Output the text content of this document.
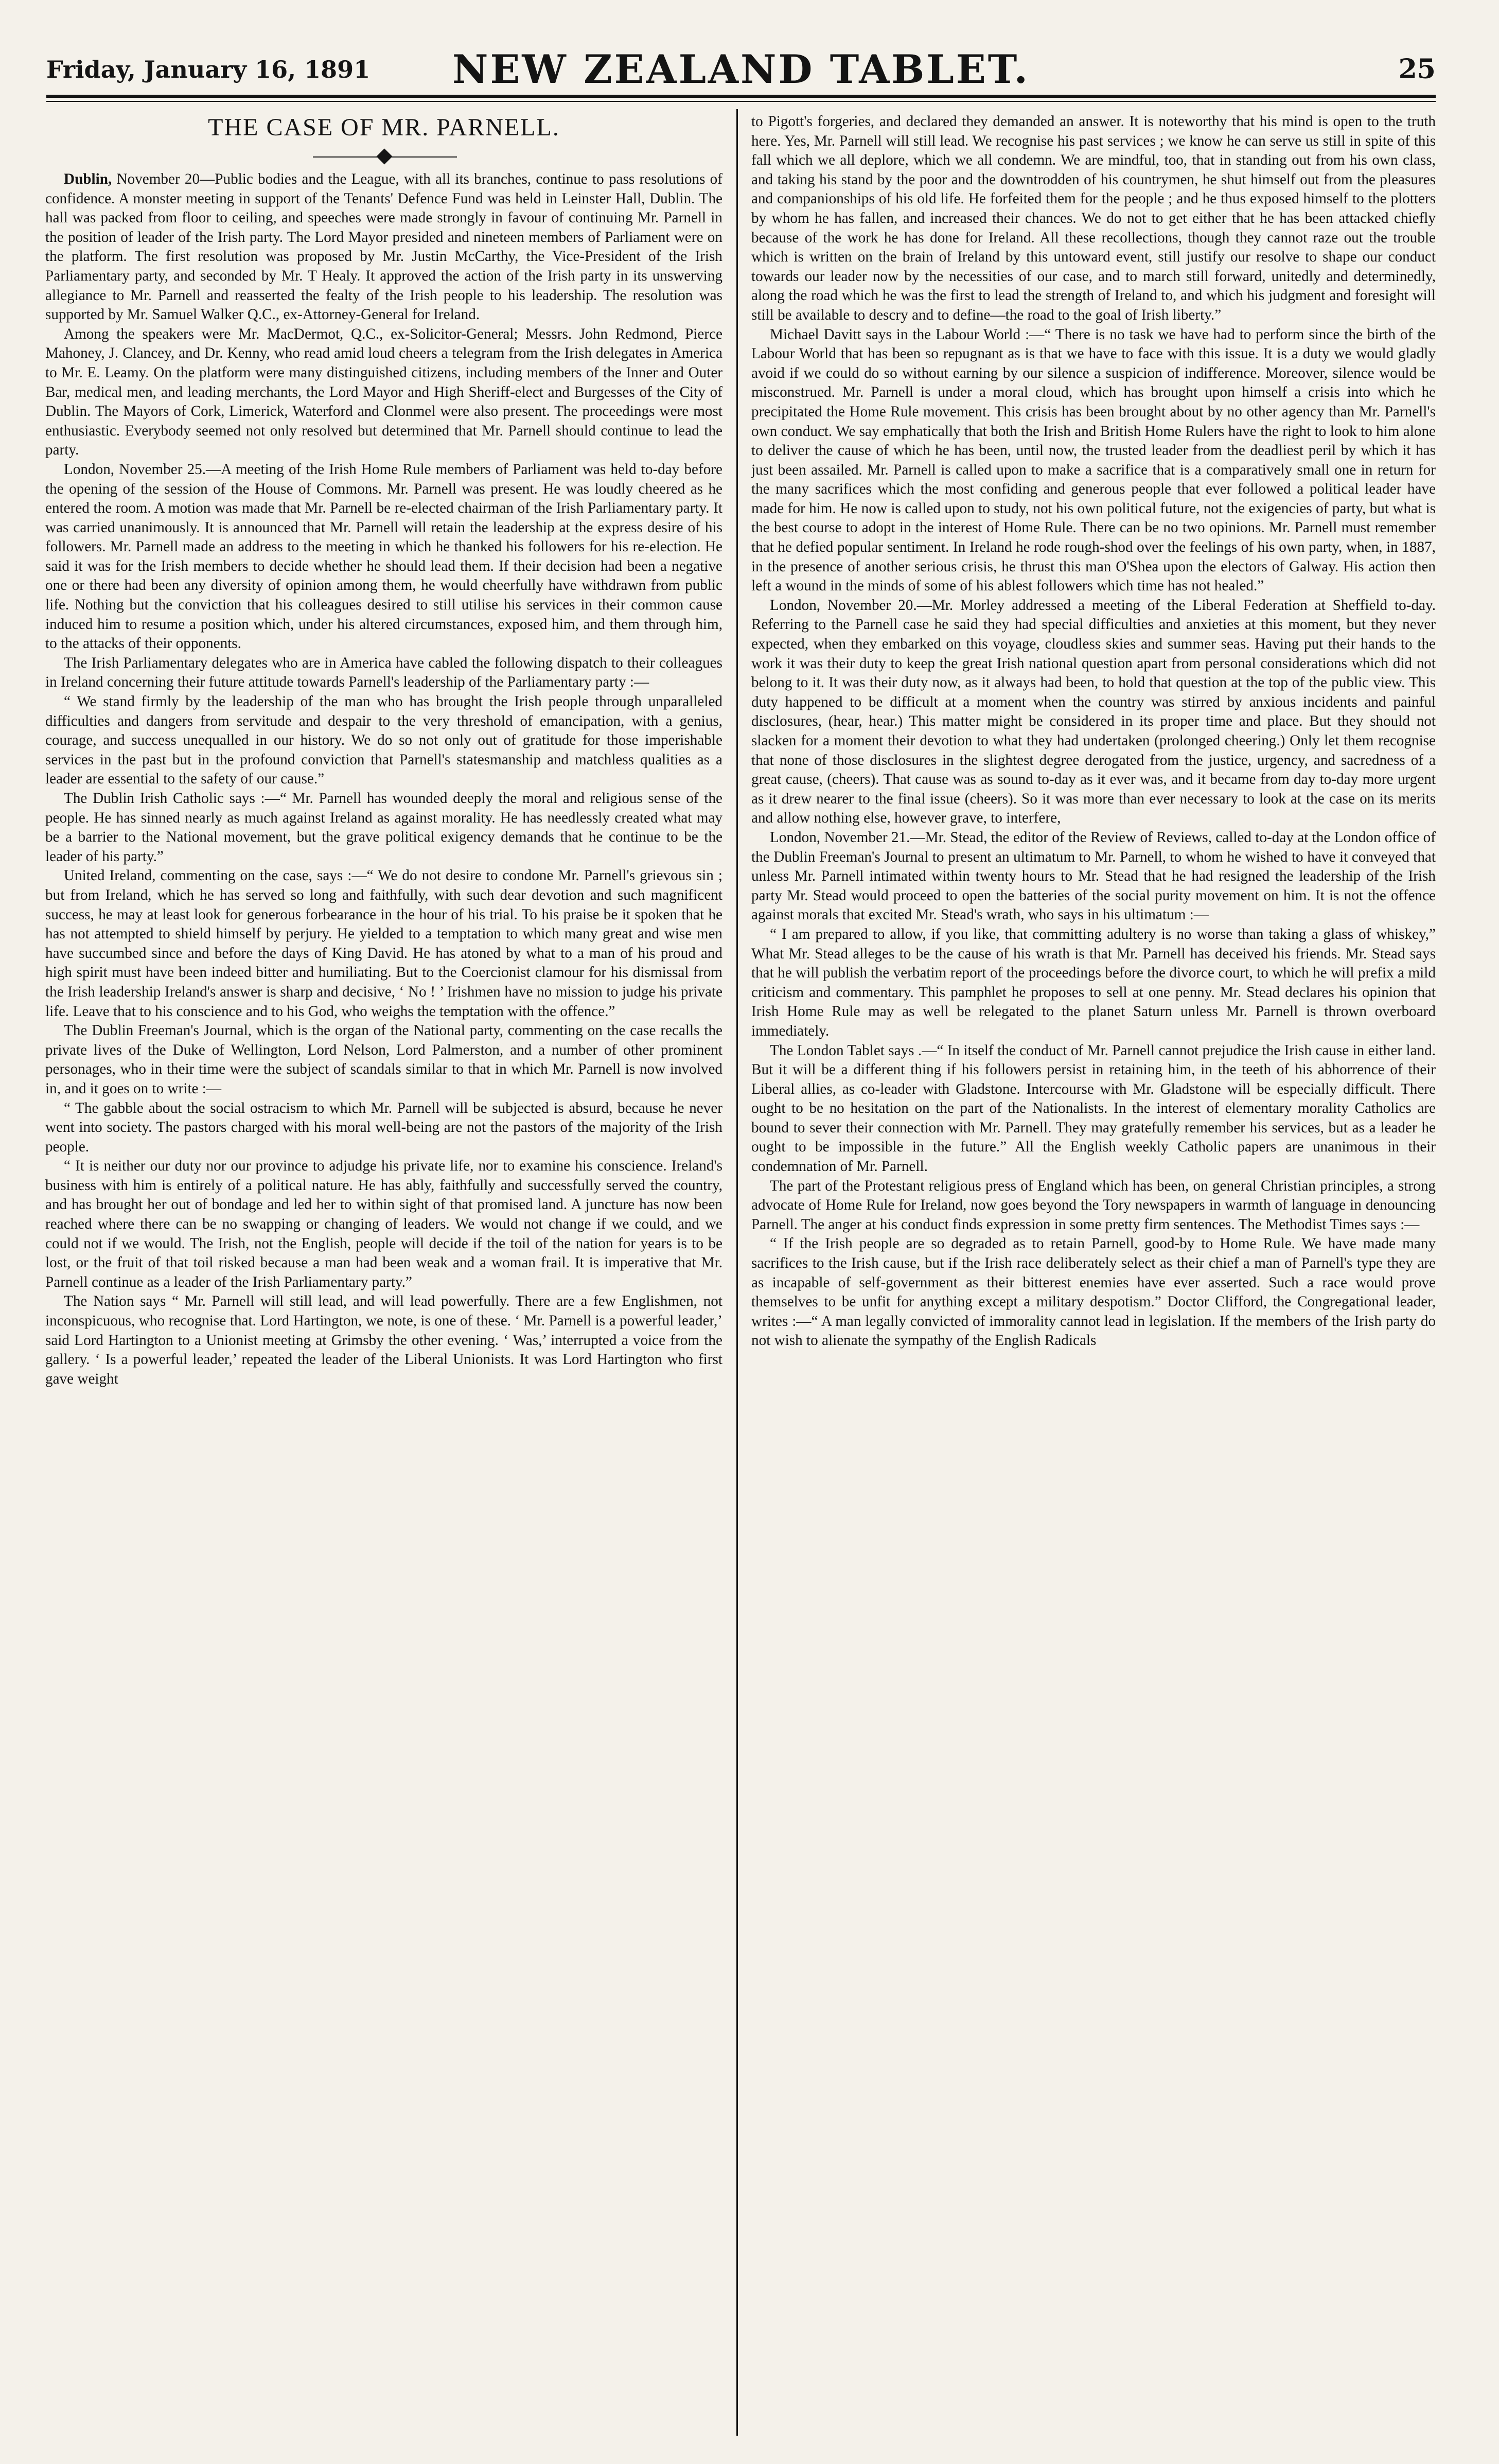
Friday, January 16, 1891	NEW ZEALAND TABLET.	25
THE CASE OF MR. PARNELL.

Dublin, November 20—Public bodies and the League, with all its branches, continue to pass resolutions of confidence. A monster meeting in support of the Tenants' Defence Fund was held in Leinster Hall, Dublin. The hall was packed from floor to ceiling, and speeches were made strongly in favour of continuing Mr. Parnell in the position of leader of the Irish party. The Lord Mayor presided and nineteen members of Parliament were on the platform. The first resolution was proposed by Mr. Justin McCarthy, the Vice-President of the Irish Parliamentary party, and seconded by Mr. T Healy. It approved the action of the Irish party in its unswerving allegiance to Mr. Parnell and reasserted the fealty of the Irish people to his leadership. The resolution was supported by Mr. Samuel Walker Q.C., ex-Attorney-General for Ireland.

Among the speakers were Mr. MacDermot, Q.C., ex-Solicitor-General; Messrs. John Redmond, Pierce Mahoney, J. Clancey, and Dr. Kenny, who read amid loud cheers a telegram from the Irish delegates in America to Mr. E. Leamy. On the platform were many distinguished citizens, including members of the Inner and Outer Bar, medical men, and leading merchants, the Lord Mayor and High Sheriff-elect and Burgesses of the City of Dublin. The Mayors of Cork, Limerick, Waterford and Clonmel were also present. The proceedings were most enthusiastic. Everybody seemed not only resolved but determined that Mr. Parnell should continue to lead the party.

London, November 25.—A meeting of the Irish Home Rule members of Parliament was held to-day before the opening of the session of the House of Commons. Mr. Parnell was present. He was loudly cheered as he entered the room. A motion was made that Mr. Parnell be re-elected chairman of the Irish Parliamentary party. It was carried unanimously. It is announced that Mr. Parnell will retain the leadership at the express desire of his followers. Mr. Parnell made an address to the meeting in which he thanked his followers for his re-election. He said it was for the Irish members to decide whether he should lead them. If their decision had been a negative one or there had been any diversity of opinion among them, he would cheerfully have withdrawn from public life. Nothing but the conviction that his colleagues desired to still utilise his services in their common cause induced him to resume a position which, under his altered circumstances, exposed him, and them through him, to the attacks of their opponents.

The Irish Parliamentary delegates who are in America have cabled the following dispatch to their colleagues in Ireland concerning their future attitude towards Parnell's leadership of the Parliamentary party :—

“ We stand firmly by the leadership of the man who has brought the Irish people through unparalleled difficulties and dangers from servitude and despair to the very threshold of emancipation, with a genius, courage, and success unequalled in our history. We do so not only out of gratitude for those imperishable services in the past but in the profound conviction that Parnell's statesmanship and matchless qualities as a leader are essential to the safety of our cause.”

The Dublin Irish Catholic says :—“ Mr. Parnell has wounded deeply the moral and religious sense of the people. He has sinned nearly as much against Ireland as against morality. He has needlessly created what may be a barrier to the National movement, but the grave political exigency demands that he continue to be the leader of his party.”

United Ireland, commenting on the case, says :—“ We do not desire to condone Mr. Parnell's grievous sin ; but from Ireland, which he has served so long and faithfully, with such dear devotion and such magnificent success, he may at least look for generous forbearance in the hour of his trial. To his praise be it spoken that he has not attempted to shield himself by perjury. He yielded to a temptation to which many great and wise men have succumbed since and before the days of King David. He has atoned by what to a man of his proud and high spirit must have been indeed bitter and humiliating. But to the Coercionist clamour for his dismissal from the Irish leadership Ireland's answer is sharp and decisive, ‘ No ! ’ Irishmen have no mission to judge his private life. Leave that to his conscience and to his God, who weighs the temptation with the offence.”

The Dublin Freeman's Journal, which is the organ of the National party, commenting on the case recalls the private lives of the Duke of Wellington, Lord Nelson, Lord Palmerston, and a number of other prominent personages, who in their time were the subject of scandals similar to that in which Mr. Parnell is now involved in, and it goes on to write :—

“ The gabble about the social ostracism to which Mr. Parnell will be subjected is absurd, because he never went into society. The pastors charged with his moral well-being are not the pastors of the majority of the Irish people.

“ It is neither our duty nor our province to adjudge his private life, nor to examine his conscience. Ireland's business with him is entirely of a political nature. He has ably, faithfully and successfully served the country, and has brought her out of bondage and led her to within sight of that promised land. A juncture has now been reached where there can be no swapping or changing of leaders. We would not change if we could, and we could not if we would. The Irish, not the English, people will decide if the toil of the nation for years is to be lost, or the fruit of that toil risked because a man had been weak and a woman frail. It is imperative that Mr. Parnell continue as a leader of the Irish Parliamentary party.”

The Nation says “ Mr. Parnell will still lead, and will lead powerfully. There are a few Englishmen, not inconspicuous, who recognise that. Lord Hartington, we note, is one of these. ‘ Mr. Parnell is a powerful leader,’ said Lord Hartington to a Unionist meeting at Grimsby the other evening. ‘ Was,’ interrupted a voice from the gallery. ‘ Is a powerful leader,’ repeated the leader of the Liberal Unionists. It was Lord Hartington who first gave weight

to Pigott's forgeries, and declared they demanded an answer. It is noteworthy that his mind is open to the truth here. Yes, Mr. Parnell will still lead. We recognise his past services ; we know he can serve us still in spite of this fall which we all deplore, which we all condemn. We are mindful, too, that in standing out from his own class, and taking his stand by the poor and the downtrodden of his countrymen, he shut himself out from the pleasures and companionships of his old life. He forfeited them for the people ; and he thus exposed himself to the plotters by whom he has fallen, and increased their chances. We do not to get either that he has been attacked chiefly because of the work he has done for Ireland. All these recollections, though they cannot raze out the trouble which is written on the brain of Ireland by this untoward event, still justify our resolve to shape our conduct towards our leader now by the necessities of our case, and to march still forward, unitedly and determinedly, along the road which he was the first to lead the strength of Ireland to, and which his judgment and foresight will still be available to descry and to define—the road to the goal of Irish liberty.”

Michael Davitt says in the Labour World :—“ There is no task we have had to perform since the birth of the Labour World that has been so repugnant as is that we have to face with this issue. It is a duty we would gladly avoid if we could do so without earning by our silence a suspicion of indifference. Moreover, silence would be misconstrued. Mr. Parnell is under a moral cloud, which has brought upon himself a crisis into which he precipitated the Home Rule movement. This crisis has been brought about by no other agency than Mr. Parnell's own conduct. We say emphatically that both the Irish and British Home Rulers have the right to look to him alone to deliver the cause of which he has been, until now, the trusted leader from the deadliest peril by which it has just been assailed. Mr. Parnell is called upon to make a sacrifice that is a comparatively small one in return for the many sacrifices which the most confiding and generous people that ever followed a political leader have made for him. He now is called upon to study, not his own political future, not the exigencies of party, but what is the best course to adopt in the interest of Home Rule. There can be no two opinions. Mr. Parnell must remember that he defied popular sentiment. In Ireland he rode rough-shod over the feelings of his own party, when, in 1887, in the presence of another serious crisis, he thrust this man O'Shea upon the electors of Galway. His action then left a wound in the minds of some of his ablest followers which time has not healed.”

London, November 20.—Mr. Morley addressed a meeting of the Liberal Federation at Sheffield to-day. Referring to the Parnell case he said they had special difficulties and anxieties at this moment, but they never expected, when they embarked on this voyage, cloudless skies and summer seas. Having put their hands to the work it was their duty to keep the great Irish national question apart from personal considerations which did not belong to it. It was their duty now, as it always had been, to hold that question at the top of the public view. This duty happened to be difficult at a moment when the country was stirred by anxious incidents and painful disclosures, (hear, hear.) This matter might be considered in its proper time and place. But they should not slacken for a moment their devotion to what they had undertaken (prolonged cheering.) Only let them recognise that none of those disclosures in the slightest degree derogated from the justice, urgency, and sacredness of a great cause, (cheers). That cause was as sound to-day as it ever was, and it became from day to-day more urgent as it drew nearer to the final issue (cheers). So it was more than ever necessary to look at the case on its merits and allow nothing else, however grave, to interfere,

London, November 21.—Mr. Stead, the editor of the Review of Reviews, called to-day at the London office of the Dublin Freeman's Journal to present an ultimatum to Mr. Parnell, to whom he wished to have it conveyed that unless Mr. Parnell intimated within twenty hours to Mr. Stead that he had resigned the leadership of the Irish party Mr. Stead would proceed to open the batteries of the social purity movement on him. It is not the offence against morals that excited Mr. Stead's wrath, who says in his ultimatum :—

“ I am prepared to allow, if you like, that committing adultery is no worse than taking a glass of whiskey,” What Mr. Stead alleges to be the cause of his wrath is that Mr. Parnell has deceived his friends. Mr. Stead says that he will publish the verbatim report of the proceedings before the divorce court, to which he will prefix a mild criticism and commentary. This pamphlet he proposes to sell at one penny. Mr. Stead declares his opinion that Irish Home Rule may as well be relegated to the planet Saturn unless Mr. Parnell is thrown overboard immediately.

The London Tablet says .—“ In itself the conduct of Mr. Parnell cannot prejudice the Irish cause in either land. But it will be a different thing if his followers persist in retaining him, in the teeth of his abhorrence of their Liberal allies, as co-leader with Gladstone. Intercourse with Mr. Gladstone will be especially difficult. There ought to be no hesitation on the part of the Nationalists. In the interest of elementary morality Catholics are bound to sever their connection with Mr. Parnell. They may gratefully remember his services, but as a leader he ought to be impossible in the future.” All the English weekly Catholic papers are unanimous in their condemnation of Mr. Parnell.

The part of the Protestant religious press of England which has been, on general Christian principles, a strong advocate of Home Rule for Ireland, now goes beyond the Tory newspapers in warmth of language in denouncing Parnell. The anger at his conduct finds expression in some pretty firm sentences. The Methodist Times says :—

“ If the Irish people are so degraded as to retain Parnell, good-by to Home Rule. We have made many sacrifices to the Irish cause, but if the Irish race deliberately select as their chief a man of Parnell's type they are as incapable of self-government as their bitterest enemies have ever asserted. Such a race would prove themselves to be unfit for anything except a military despotism.” Doctor Clifford, the Congregational leader, writes :—“ A man legally convicted of immorality cannot lead in legislation. If the members of the Irish party do not wish to alienate the sympathy of the English Radicals
